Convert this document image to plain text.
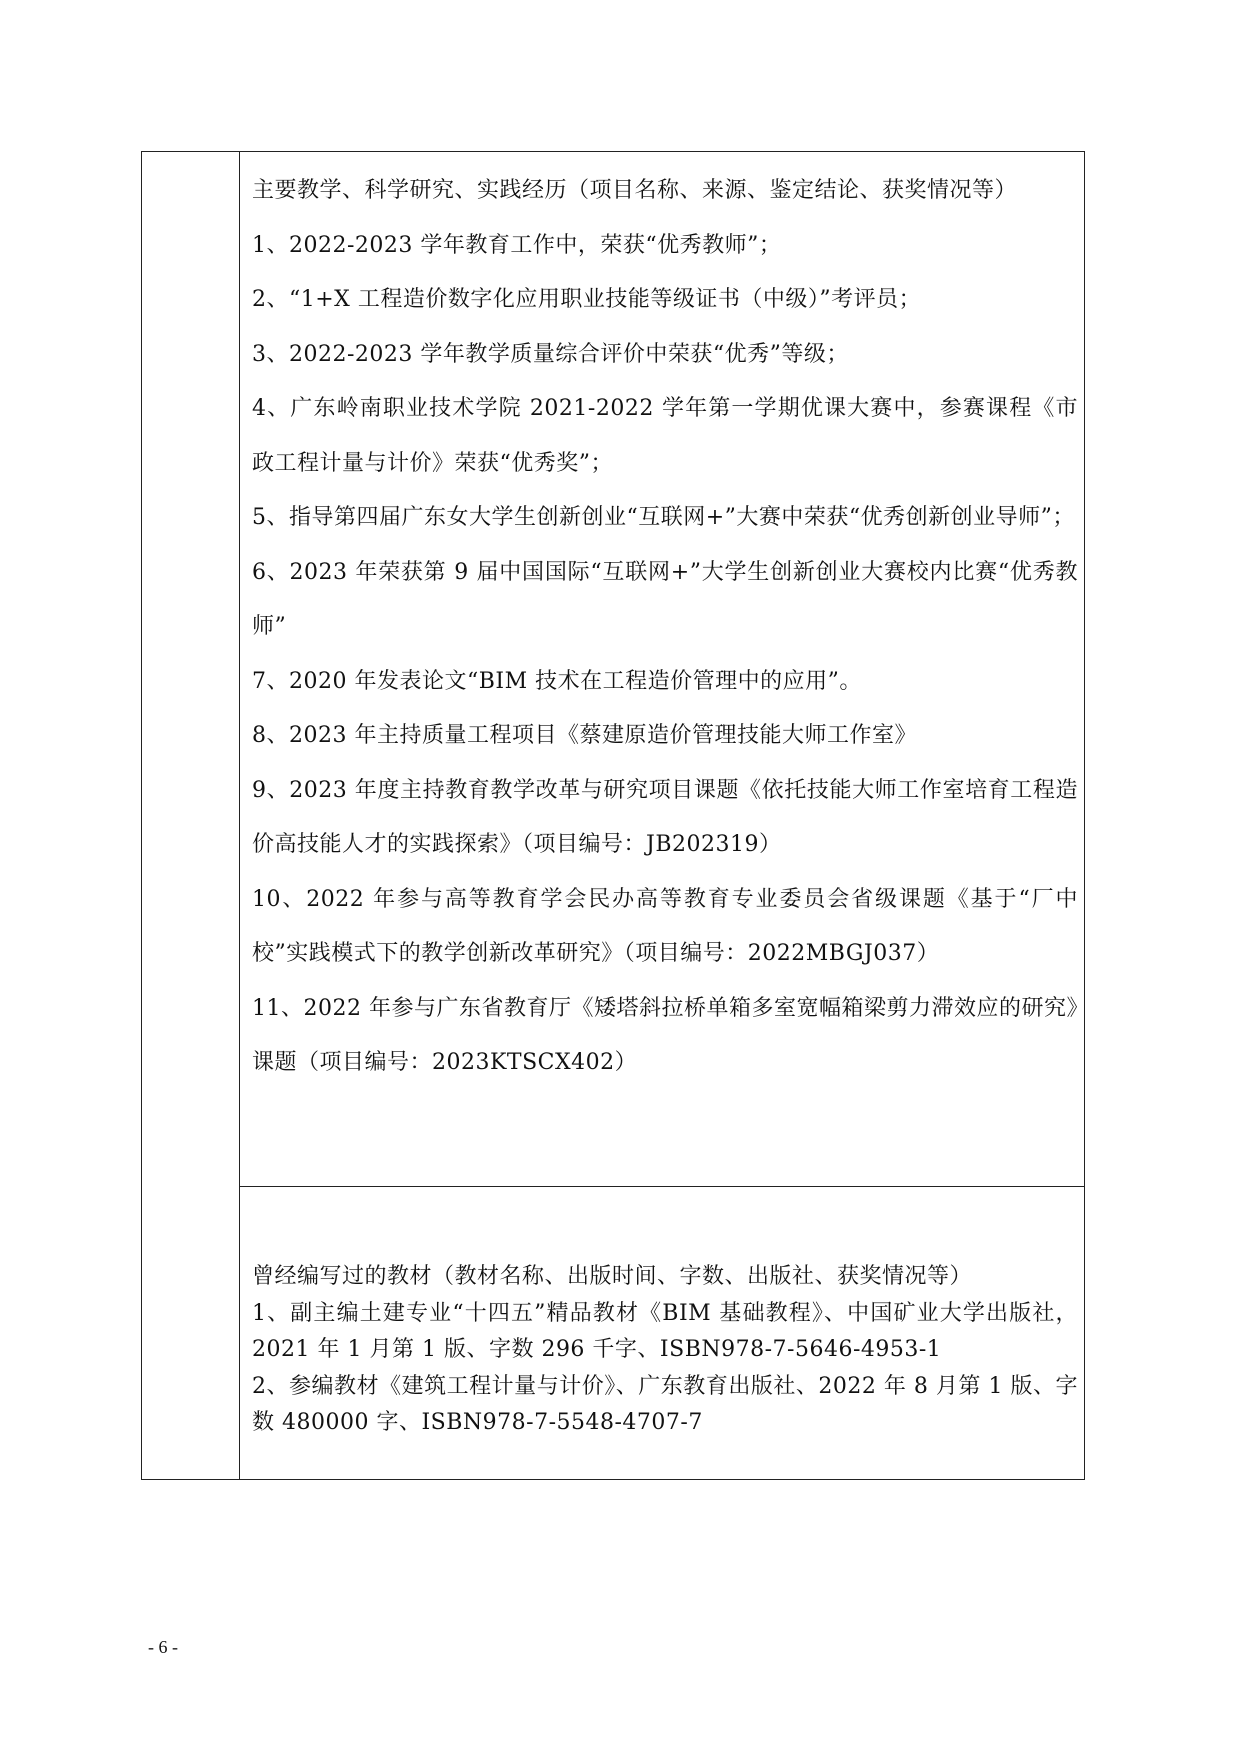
主要教学、科学研究、实践经历（项目名称、来源、鉴定结论、获奖情况等）

1、2022-2023 学年教育工作中，荣获“优秀教师”；

2、“1+X 工程造价数字化应用职业技能等级证书（中级）”考评员；

3、2022-2023 学年教学质量综合评价中荣获“优秀”等级；

4、广东岭南职业技术学院 2021-2022 学年第一学期优课大赛中，参赛课程《市政工程计量与计价》荣获“优秀奖”；

5、指导第四届广东女大学生创新创业“互联网+”大赛中荣获“优秀创新创业导师”；

6、2023 年荣获第 9 届中国国际“互联网+”大学生创新创业大赛校内比赛“优秀教师”

7、2020 年发表论文“BIM 技术在工程造价管理中的应用”。

8、2023 年主持质量工程项目《蔡建原造价管理技能大师工作室》

9、2023 年度主持教育教学改革与研究项目课题《依托技能大师工作室培育工程造价高技能人才的实践探索》（项目编号：JB202319）

10、2022 年参与高等教育学会民办高等教育专业委员会省级课题《基于“厂中校”实践模式下的教学创新改革研究》（项目编号：2022MBGJ037）

11、2022 年参与广东省教育厅《矮塔斜拉桥单箱多室宽幅箱梁剪力滞效应的研究》课题（项目编号：2023KTSCX402）

曾经编写过的教材（教材名称、出版时间、字数、出版社、获奖情况等）

1、副主编土建专业“十四五”精品教材《BIM 基础教程》、中国矿业大学出版社，2021 年 1 月第 1 版、字数 296 千字、ISBN978-7-5646-4953-1

2、参编教材《建筑工程计量与计价》、广东教育出版社、2022 年 8 月第 1 版、字数 480000 字、ISBN978-7-5548-4707-7

- 6 -
